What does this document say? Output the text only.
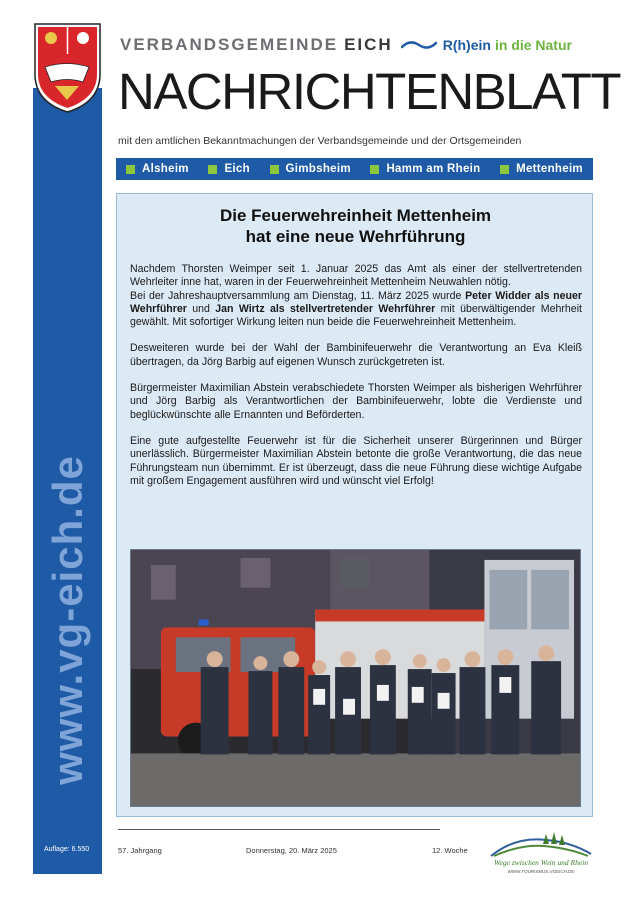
www.vg-eich.de
Auflage: 6.550
VERBANDSGEMEINDE EICH	R(h)ein in die Natur
NACHRICHTENBLATT
mit den amtlichen Bekanntmachungen der Verbandsgemeinde und der Ortsgemeinden
Alsheim	Eich	Gimbsheim	Hamm am Rhein	Mettenheim
Die Feuerwehreinheit Mettenheim
hat eine neue Wehrführung

Nachdem Thorsten Weimper seit 1. Januar 2025 das Amt als einer der stellvertretenden Wehrleiter inne hat, waren in der Feuerwehreinheit Mettenheim Neuwahlen nötig.

Bei der Jahreshauptversammlung am Dienstag, 11. März 2025 wurde Peter Widder als neuer Wehrführer und Jan Wirtz als stellvertretender Wehrführer mit überwältigender Mehrheit gewählt. Mit sofortiger Wirkung leiten nun beide die Feuerwehreinheit Mettenheim.

Desweiteren wurde bei der Wahl der Bambinifeuerwehr die Verantwortung an Eva Kleiß übertragen, da Jörg Barbig auf eigenen Wunsch zurückgetreten ist.

Bürgermeister Maximilian Abstein verabschiedete Thorsten Weimper als bisherigen Wehrführer und Jörg Barbig als Verantwortlichen der Bambinifeuerwehr, lobte die Verdienste und beglückwünschte alle Ernannten und Beförderten.

Eine gute aufgestellte Feuerwehr ist für die Sicherheit unserer Bürgerinnen und Bürger unerlässlich. Bürgermeister Maximilian Abstein betonte die große Verantwortung, die das neue Führungsteam nun übernimmt. Er ist überzeugt, dass die neue Führung diese wichtige Aufgabe mit großem Engagement ausführen wird und wünscht viel Erfolg!

57. Jahrgang	Donnerstag, 20. März 2025	12. Woche
Wege zwischen Wein und Rhein
WWW.TOURISMUS.VGEICH.DE
